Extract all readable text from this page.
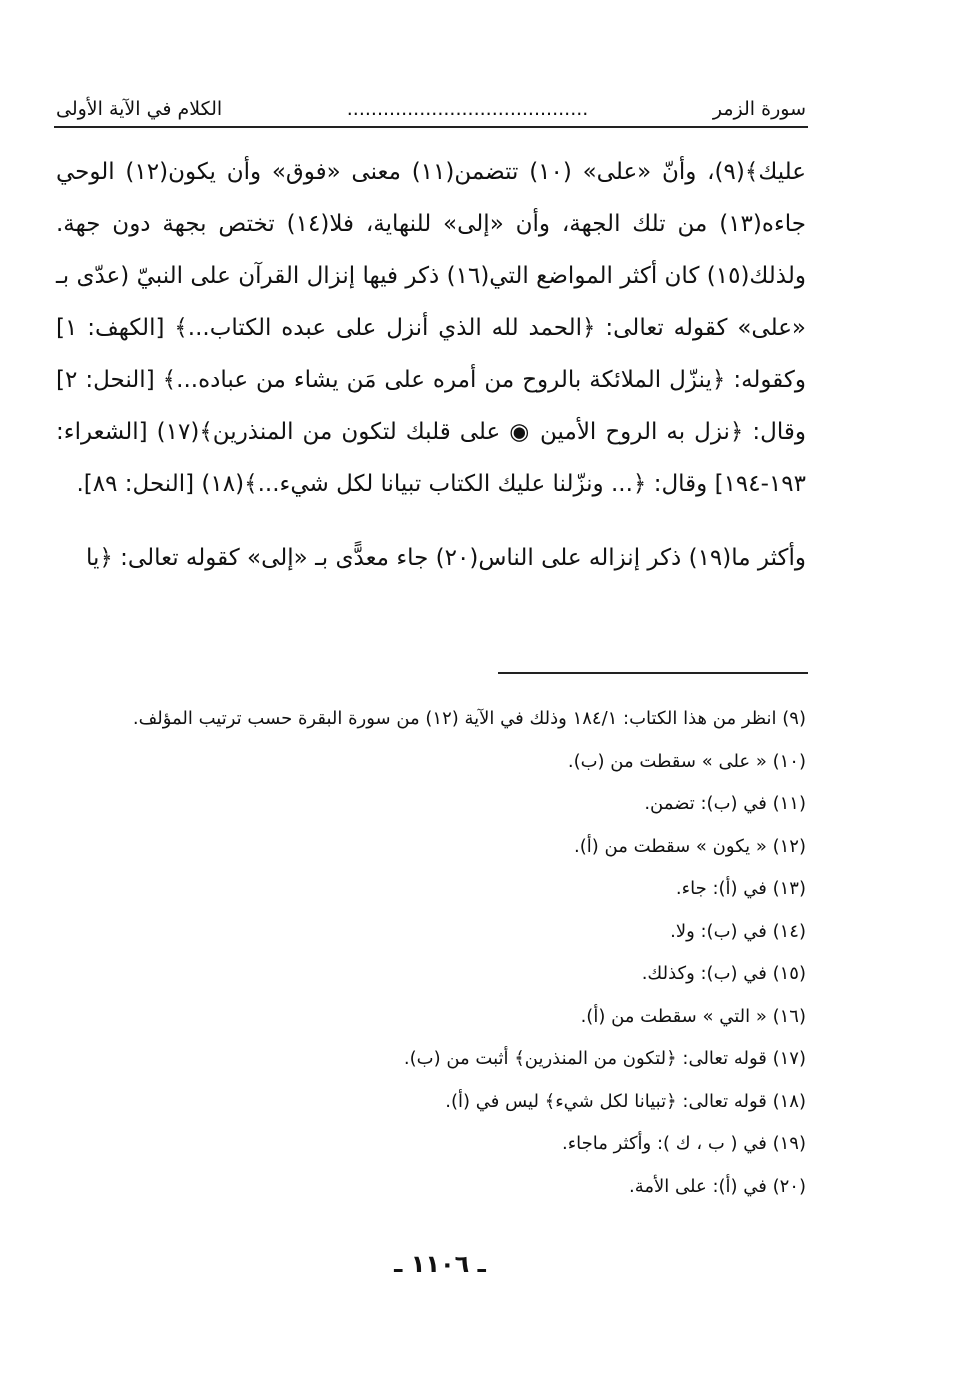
سورة الزمر
........................................
الكلام في الآية الأولى

عليك﴾(٩)، وأنّ «على» (١٠) تتضمن(١١) معنى «فوق» وأن يكون(١٢) الوحي جاءه(١٣) من تلك الجهة، وأن «إلى» للنهاية، فلا(١٤) تختص بجهة دون جهة. ولذلك(١٥) كان أكثر المواضع التي(١٦) ذكر فيها إنزال القرآن على النبيّ (عدّى بـ «على» كقوله تعالى: ﴿الحمد لله الذي أنزل على عبده الكتاب...﴾ [الكهف: ١] وكقوله: ﴿ينزّل الملائكة بالروح من أمره على مَن يشاء من عباده...﴾ [النحل: ٢] وقال: ﴿نزل به الروح الأمين ◉ على قلبك لتكون من المنذرين﴾(١٧) [الشعراء: ١٩٣-١٩٤] وقال: ﴿... ونزّلنا عليك الكتاب تبيانا لكل شيء...﴾(١٨) [النحل: ٨٩].

وأكثر ما(١٩) ذكر إنزاله على الناس(٢٠) جاء معدًّى بـ «إلى» كقوله تعالى: ﴿يا

(٩) انظر من هذا الكتاب: ١٨٤/١ وذلك في الآية (١٢) من سورة البقرة حسب ترتيب المؤلف.
(١٠) « على » سقطت من (ب).
(١١) في (ب): تضمن.
(١٢) « يكون » سقطت من (أ).
(١٣) في (أ): جاء.
(١٤) في (ب): ولا.
(١٥) في (ب): وكذلك.
(١٦) « التي » سقطت من (أ).
(١٧) قوله تعالى: ﴿لتكون من المنذرين﴾ أثبت من (ب).
(١٨) قوله تعالى: ﴿تبيانا لكل شيء﴾ ليس في (أ).
(١٩) في ( ب ، ك ): وأكثر ماجاء.
(٢٠) في (أ): على الأمة.
ـ ١١٠٦ ـ
